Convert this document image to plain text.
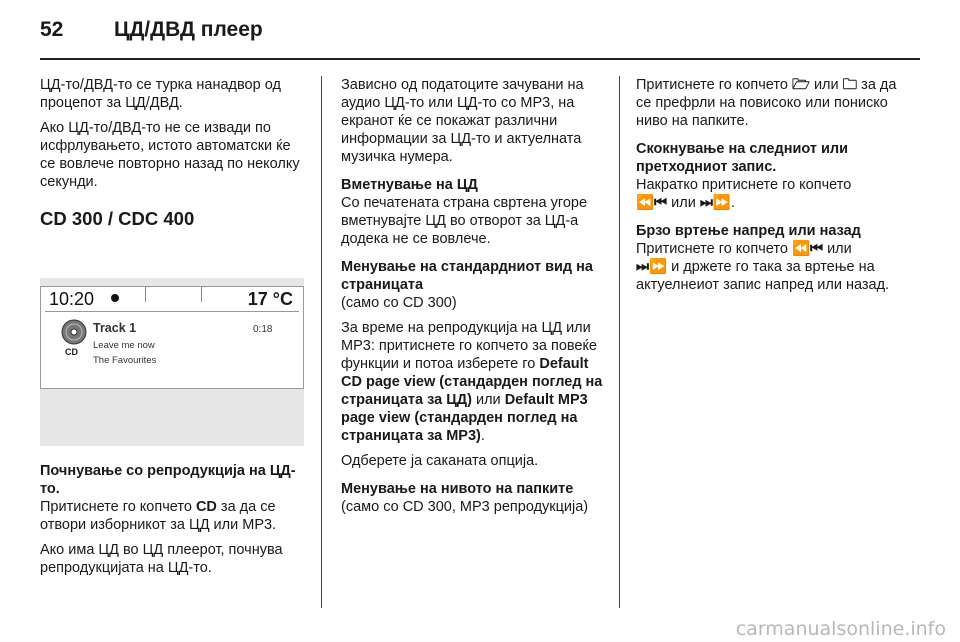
52 ЦД/ДВД плеер

ЦД-то/ДВД-то се турка нанадвор од процепот за ЦД/ДВД.

Ако ЦД-то/ДВД-то не се извади по исфрлувањето, истото автоматски ќе се вовлече повторно назад по неколку секунди.

CD 300 / CDC 400
10:20	17 °C
CD
Track 1
Leave me now
The Favourites
0:18

Почнување со репродукција на ЦД-то.

Притиснете го копчето CD за да се отвори изборникот за ЦД или MP3.

Ако има ЦД во ЦД плеерот, почнува репродукцијата на ЦД-то.

Зависно од податоците зачувани на аудио ЦД-то или ЦД-то со MP3, на екранот ќе се покажат различни информации за ЦД-то и актуелната музичка нумера.

Вметнување на ЦД

Со печатената страна свртена угоре вметнувајте ЦД во отворот за ЦД-а додека не се вовлече.

Менување на стандардниот вид на страницата

(само со CD 300)

За време на репродукција на ЦД или MP3: притиснете го копчето за повеќе функции и потоа изберете го Default CD page view (стандарден поглед на страницата за ЦД) или Default MP3 page view (стандарден поглед на страницата за MP3).

Одберете ја саканата опција.

Менување на нивото на папките

(само со CD 300, MP3 репродукција)

Притиснете го копчето 🗁 или 🗀 за да се префрли на повисоко или пониско ниво на папките.

Скокнување на следниот или претходниот запис.

Накратко притиснете го копчето
⏪⏮ или ⏭⏩.

Брзо вртење напред или назад

Притиснете го копчето ⏪⏮ или
⏭⏩ и држете го така за вртење на актуелнеиот запис напред или назад.

carmanualsonline.info
